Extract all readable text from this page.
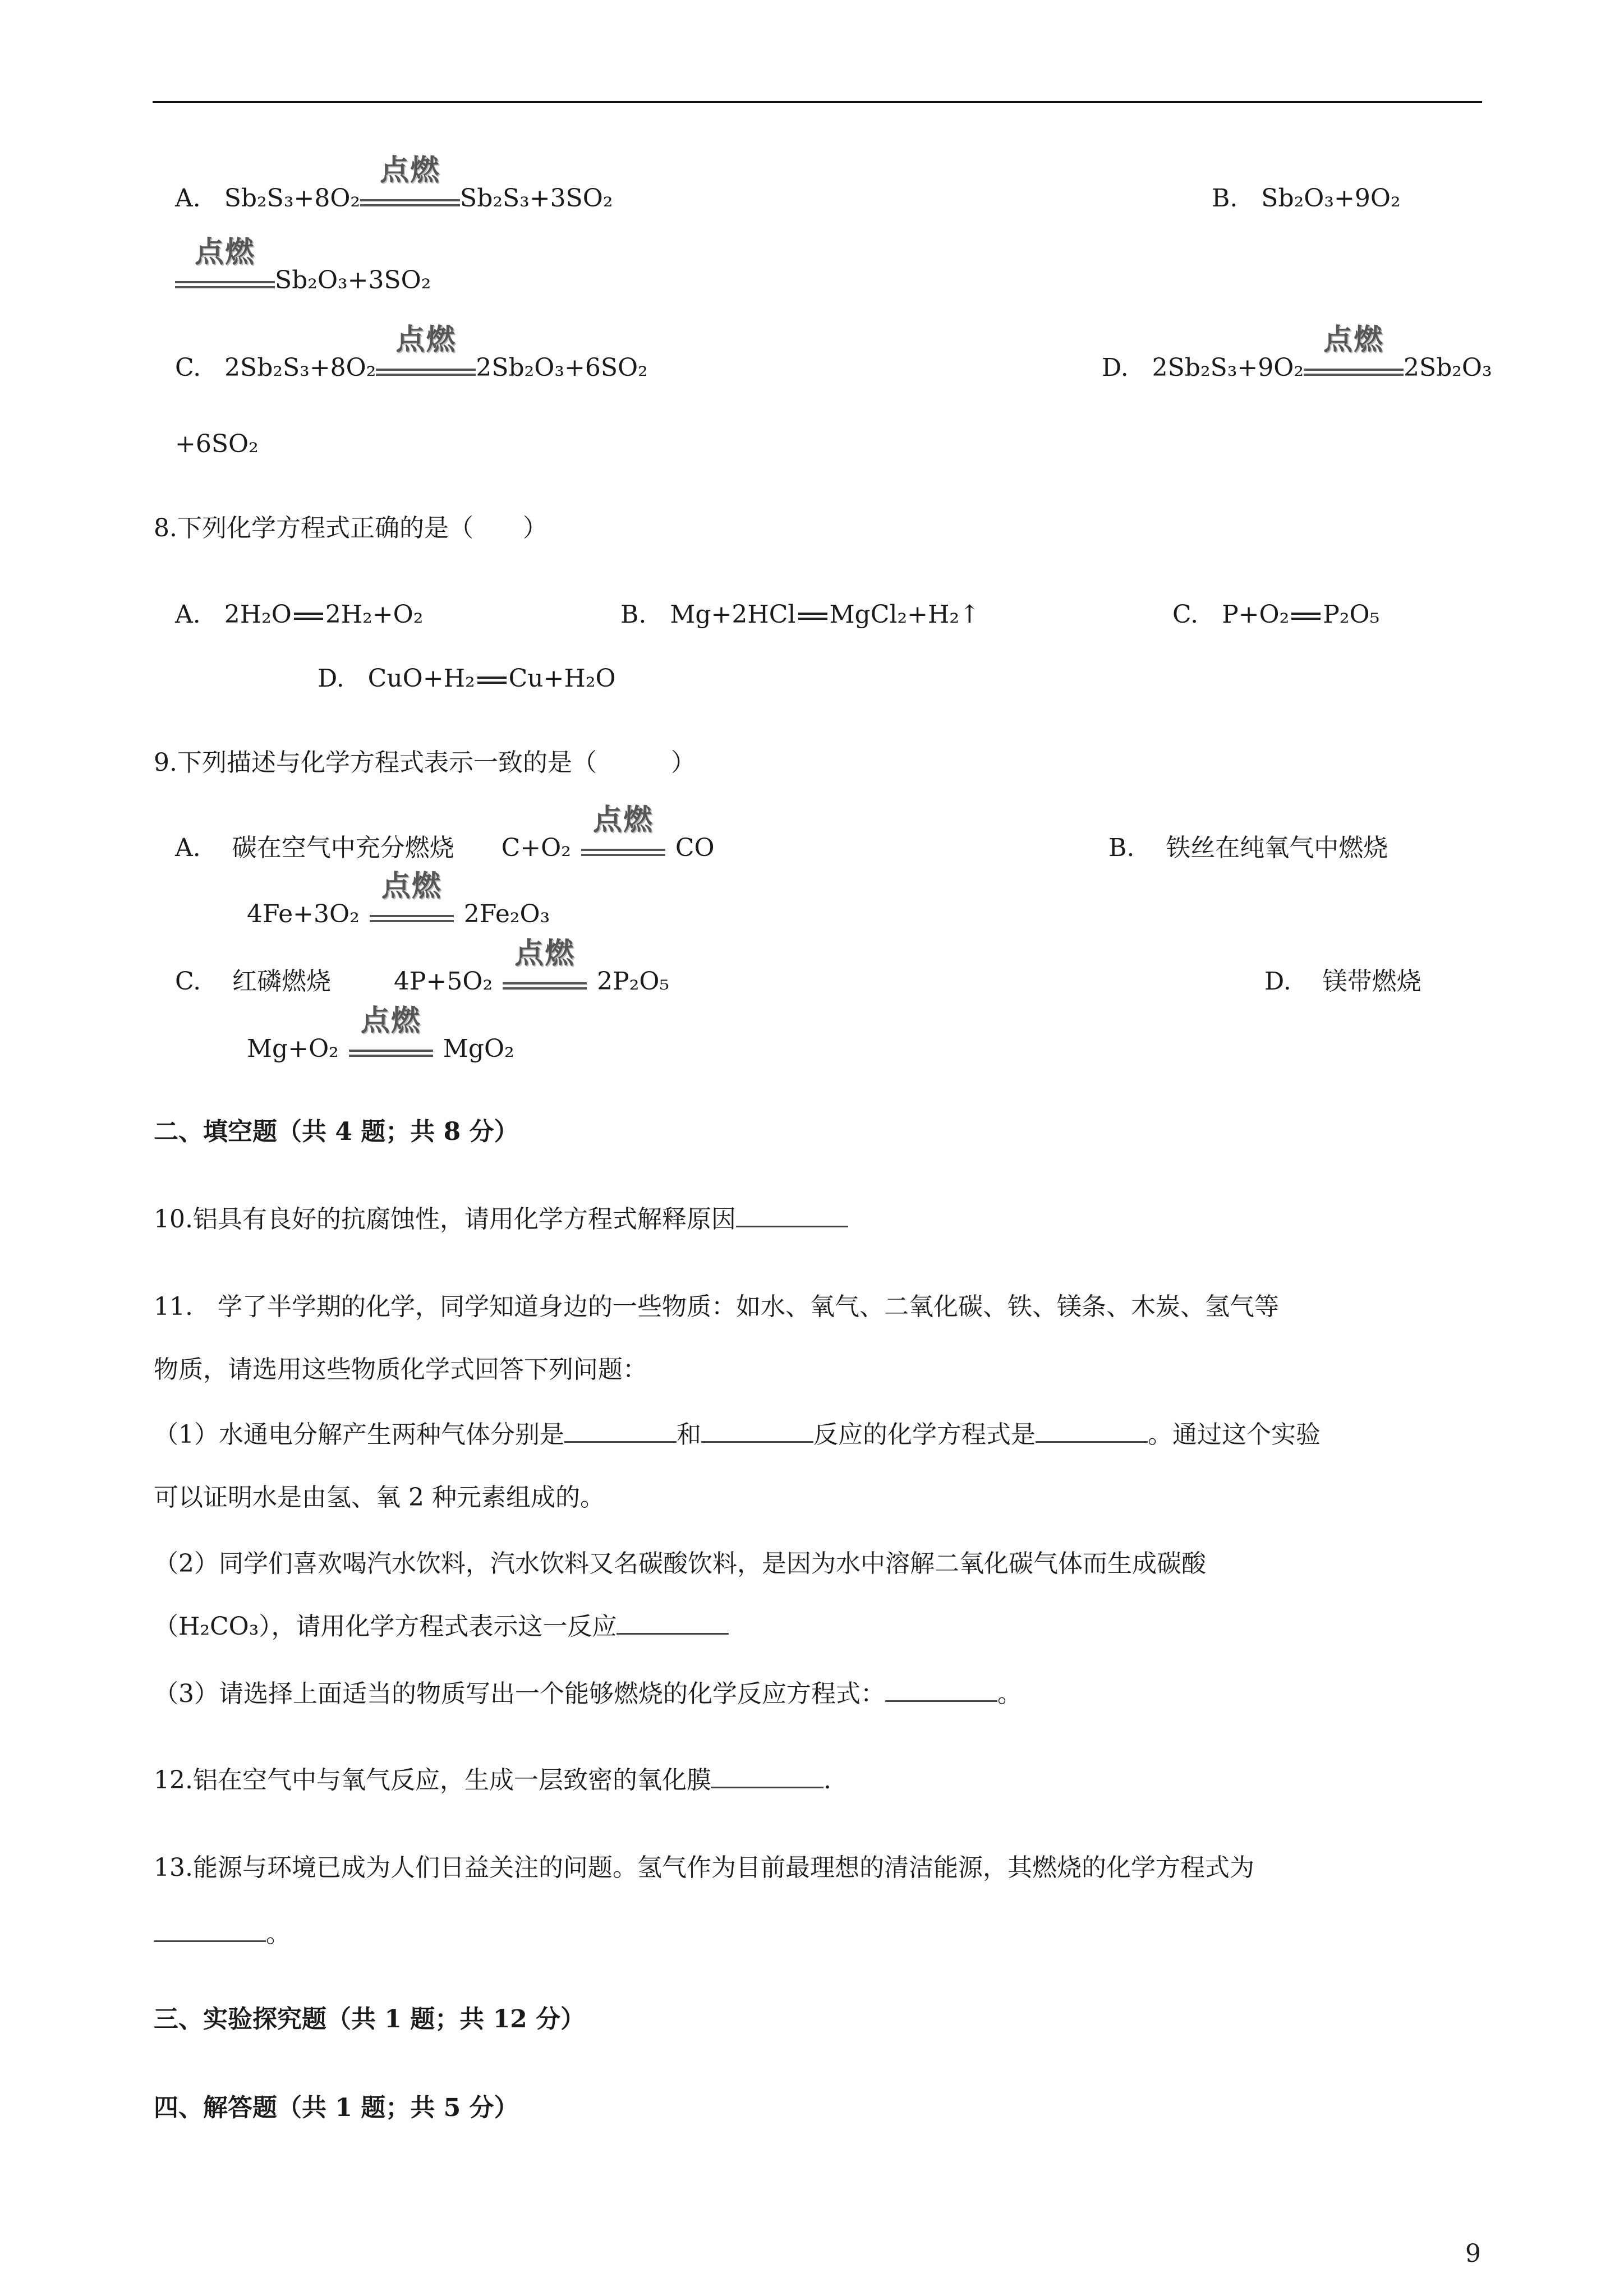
A. Sb₂S₃+8O₂
点燃
Sb₂S₃+3SO₂	B. Sb₂O₃+9O₂
点燃
Sb₂O₃+3SO₂
C. 2Sb₂S₃+8O₂
点燃
2Sb₂O₃+6SO₂	D. 2Sb₂S₃+9O₂
点燃
2Sb₂O₃
+6SO₂
8.下列化学方程式正确的是（　　）
A. 2H₂O 2H₂+O₂	B. Mg+2HCl MgCl₂+H₂↑	C. P+O₂ P₂O₅
D. CuO+H₂ Cu+H₂O
9.下列描述与化学方程式表示一致的是（　　　）
A. 碳在空气中充分燃烧 C+O₂
点燃
CO	B. 铁丝在纯氧气中燃烧
4Fe+3O₂
点燃
2Fe₂O₃
C. 红磷燃烧	4P+5O₂
点燃
2P₂O₅	D. 镁带燃烧
Mg+O₂
点燃
MgO₂
二、填空题（共 4 题；共 8 分）
10.铝具有良好的抗腐蚀性，请用化学方程式解释原因
11.　学了半学期的化学，同学知道身边的一些物质：如水、氧气、二氧化碳、铁、镁条、木炭、氢气等
物质，请选用这些物质化学式回答下列问题：
（1）水通电分解产生两种气体分别是	和	反应的化学方程式是	。通过这个实验
可以证明水是由氢、氧 2 种元素组成的。
（2）同学们喜欢喝汽水饮料，汽水饮料又名碳酸饮料，是因为水中溶解二氧化碳气体而生成碳酸
（H₂CO₃），请用化学方程式表示这一反应
（3）请选择上面适当的物质写出一个能够燃烧的化学反应方程式：	。
12.铝在空气中与氧气反应，生成一层致密的氧化膜	.
13.能源与环境已成为人们日益关注的问题。氢气作为目前最理想的清洁能源，其燃烧的化学方程式为
。
三、实验探究题（共 1 题；共 12 分）
四、解答题（共 1 题；共 5 分）
9
